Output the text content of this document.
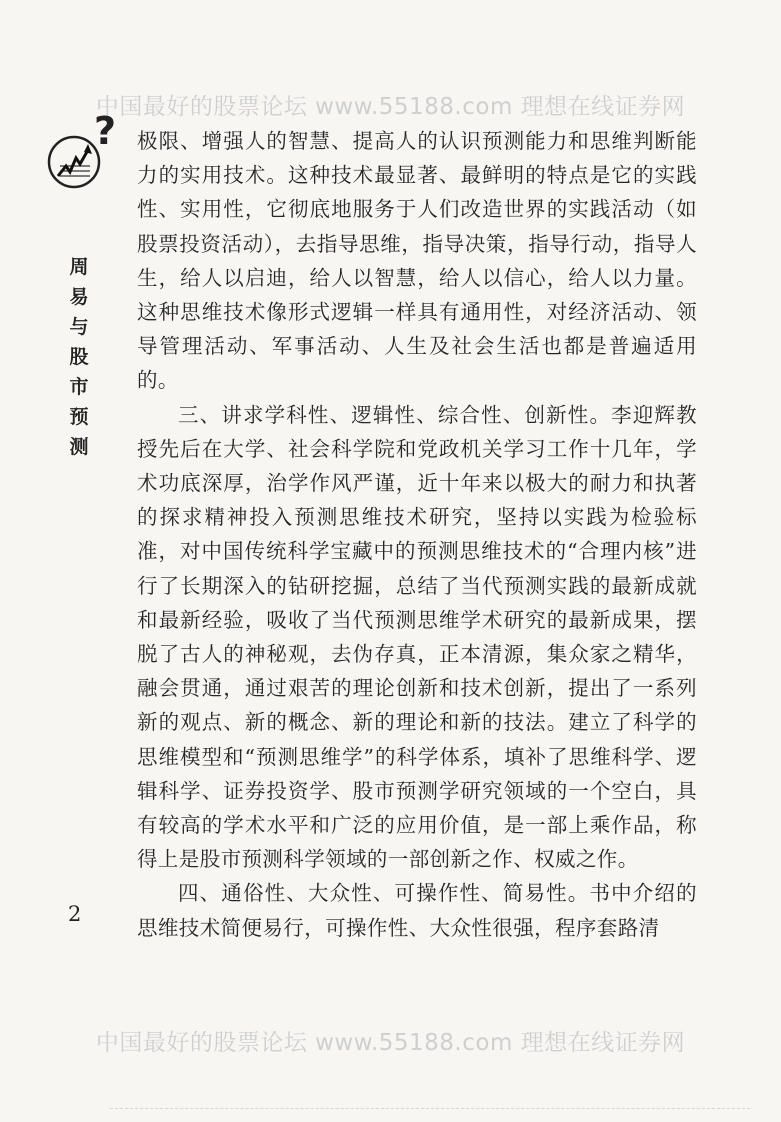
中国最好的股票论坛 www.55188.com 理想在线证券网
?
周
易
与
股
市
预
测

极限、增强人的智慧、提高人的认识预测能力和思维判断能力的实用技术。这种技术最显著、最鲜明的特点是它的实践性、实用性，它彻底地服务于人们改造世界的实践活动（如股票投资活动），去指导思维，指导决策，指导行动，指导人生，给人以启迪，给人以智慧，给人以信心，给人以力量。这种思维技术像形式逻辑一样具有通用性，对经济活动、领导管理活动、军事活动、人生及社会生活也都是普遍适用的。

三、讲求学科性、逻辑性、综合性、创新性。李迎辉教授先后在大学、社会科学院和党政机关学习工作十几年，学术功底深厚，治学作风严谨，近十年来以极大的耐力和执著的探求精神投入预测思维技术研究，坚持以实践为检验标准，对中国传统科学宝藏中的预测思维技术的“合理内核”进行了长期深入的钻研挖掘，总结了当代预测实践的最新成就和最新经验，吸收了当代预测思维学术研究的最新成果，摆脱了古人的神秘观，去伪存真，正本清源，集众家之精华，融会贯通，通过艰苦的理论创新和技术创新，提出了一系列新的观点、新的概念、新的理论和新的技法。建立了科学的思维模型和“预测思维学”的科学体系，填补了思维科学、逻辑科学、证券投资学、股市预测学研究领域的一个空白，具有较高的学术水平和广泛的应用价值，是一部上乘作品，称得上是股市预测科学领域的一部创新之作、权威之作。

四、通俗性、大众性、可操作性、简易性。书中介绍的思维技术简便易行，可操作性、大众性很强，程序套路清

2
中国最好的股票论坛 www.55188.com 理想在线证券网
